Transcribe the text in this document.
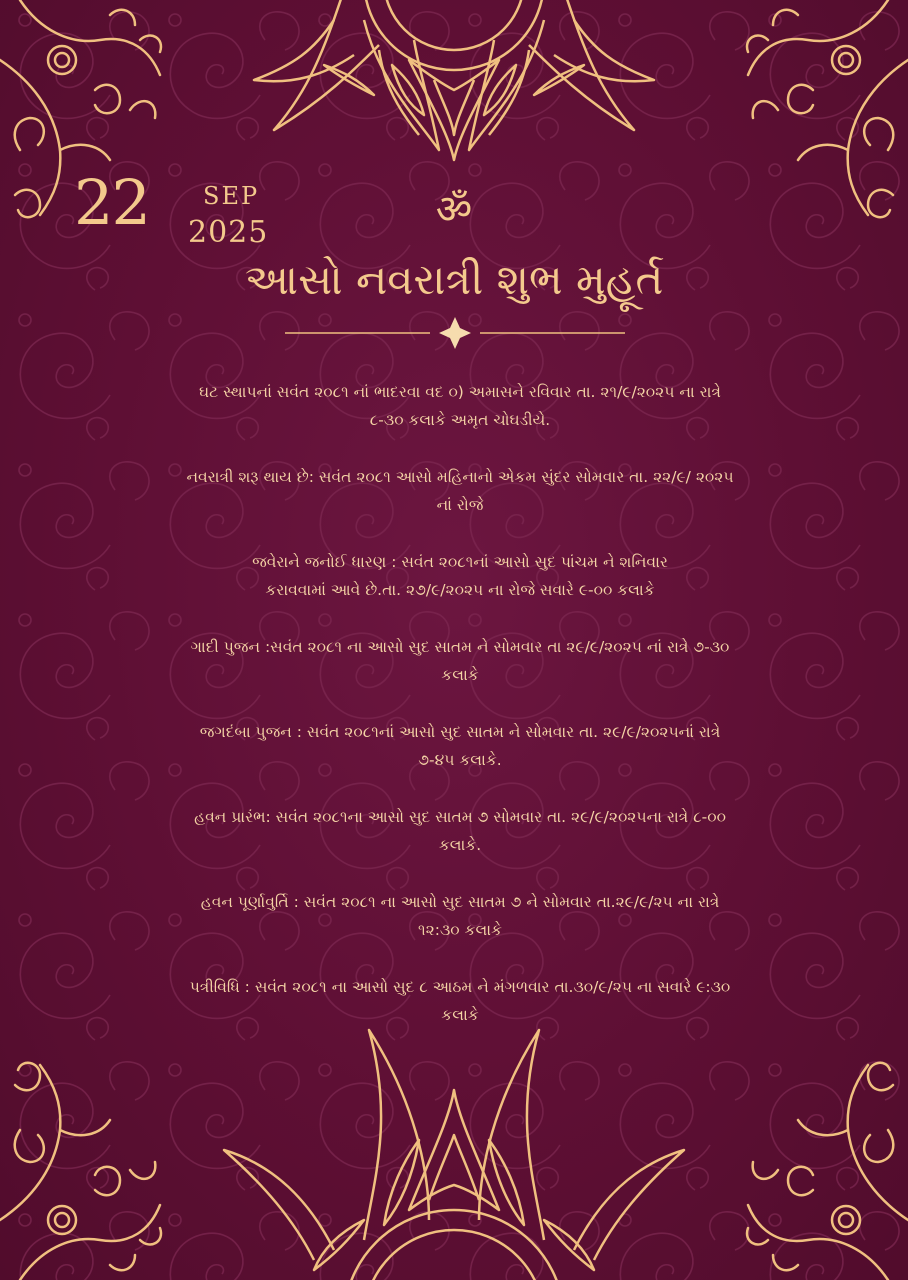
22 SEP
2025	ॐ
આસો નવરાત્રી શુભ મુહૂર્ત

ઘટ સ્થાપનાં સવંત ૨૦૮૧ નાં ભાદરવા વદ ૦) અમાસને રવિવાર તા. ૨૧/૯/૨૦૨૫ ના રાત્રે
૮-૩૦ કલાકે અમૃત ચોઘડીયે.

નવરાત્રી શરૂ થાય છે: સવંત ૨૦૮૧ આસો મહિનાનો એકમ સુંદર સોમવાર તા. ૨૨/૯/ ૨૦૨૫
નાં રોજે

જવેરાને જનોઈ ધારણ : સવંત ૨૦૮૧નાં આસો સુદ પાંચમ ને શનિવાર
કરાવવામાં આવે છે.તા. ૨૭/૯/૨૦૨૫ ના રોજે સવારે ૯-૦૦ કલાકે

ગાદી પુજન :સવંત ૨૦૮૧ ના આસો સુદ સાતમ ને સોમવાર તા ૨૯/૯/૨૦૨૫ નાં રાત્રે ૭-૩૦
કલાકે

જગદંબા પુજન : સવંત ૨૦૮૧નાં આસો સુદ સાતમ ને સોમવાર તા. ૨૯/૯/૨૦૨૫નાં રાત્રે
૭-૪૫ કલાકે.

હવન પ્રારંભ: સવંત ૨૦૮૧ના આસો સુદ સાતમ ૭ સોમવાર તા. ૨૯/૯/૨૦૨૫ના રાત્રે ૮-૦૦
કલાકે.

હવન પૂર્ણાવુર્તિ : સવંત ૨૦૮૧ ના આસો સુદ સાતમ ૭ ને સોમવાર તા.૨૯/૯/૨૫ ના રાત્રે
૧૨:૩૦ કલાકે

પત્રીવિધિ : સવંત ૨૦૮૧ ના આસો સુદ ૮ આઠમ ને મંગળવાર તા.૩૦/૯/૨૫ ના સવારે ૯:૩૦
કલાકે
